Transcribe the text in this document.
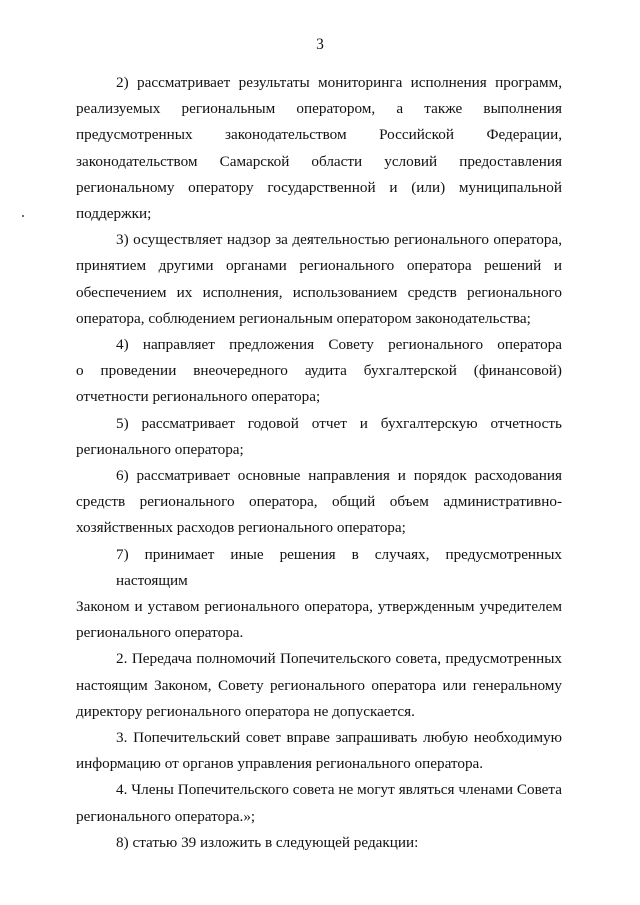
3
2) рассматривает результаты мониторинга исполнения программ,
реализуемых региональным оператором, а также выполнения
предусмотренных законодательством Российской Федерации,
законодательством Самарской области условий предоставления
региональному оператору государственной и (или) муниципальной
поддержки;
3) осуществляет надзор за деятельностью регионального оператора,
принятием другими органами регионального оператора решений и
обеспечением их исполнения, использованием средств регионального
оператора, соблюдением региональным оператором законодательства;
4) направляет предложения Совету регионального оператора
о проведении внеочередного аудита бухгалтерской (финансовой)
отчетности регионального оператора;
5) рассматривает годовой отчет и бухгалтерскую отчетность
регионального оператора;
6) рассматривает основные направления и порядок расходования
средств регионального оператора, общий объем административно-
хозяйственных расходов регионального оператора;
7) принимает иные решения в случаях, предусмотренных настоящим
Законом и уставом регионального оператора, утвержденным учредителем
регионального оператора.
2. Передача полномочий Попечительского совета, предусмотренных
настоящим Законом, Совету регионального оператора или генеральному
директору регионального оператора не допускается.
3. Попечительский совет вправе запрашивать любую необходимую
информацию от органов управления регионального оператора.
4. Члены Попечительского совета не могут являться членами Совета
регионального оператора.»;
8) статью 39 изложить в следующей редакции:
